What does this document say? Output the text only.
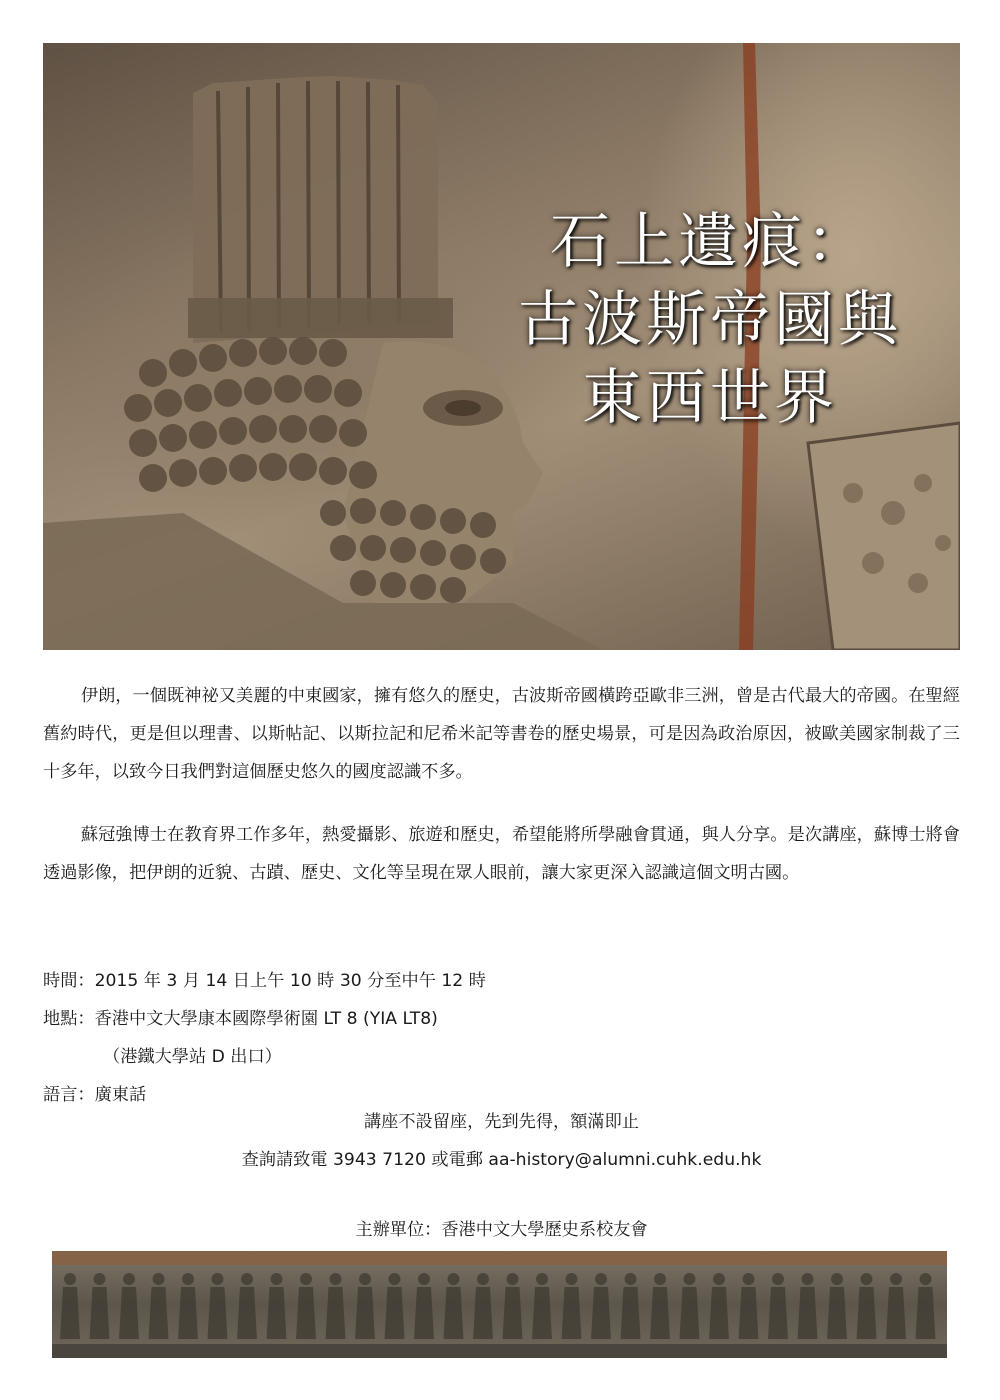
石上遺痕：
古波斯帝國與
東西世界

伊朗，一個既神祕又美麗的中東國家，擁有悠久的歷史，古波斯帝國橫跨亞歐非三洲，曾是古代最大的帝國。在聖經舊約時代，更是但以理書、以斯帖記、以斯拉記和尼希米記等書卷的歷史場景，可是因為政治原因，被歐美國家制裁了三十多年，以致今日我們對這個歷史悠久的國度認識不多。

蘇冠強博士在教育界工作多年，熱愛攝影、旅遊和歷史，希望能將所學融會貫通，與人分享。是次講座，蘇博士將會透過影像，把伊朗的近貌、古蹟、歷史、文化等呈現在眾人眼前，讓大家更深入認識這個文明古國。

時間：2015 年 3 月 14 日上午 10 時 30 分至中午 12 時
地點：香港中文大學康本國際學術園 LT 8 (YIA LT8)
（港鐵大學站 D 出口）
語言：廣東話
講座不設留座，先到先得，額滿即止
查詢請致電 3943 7120 或電郵 aa-history@alumni.cuhk.edu.hk
主辦單位：香港中文大學歷史系校友會
